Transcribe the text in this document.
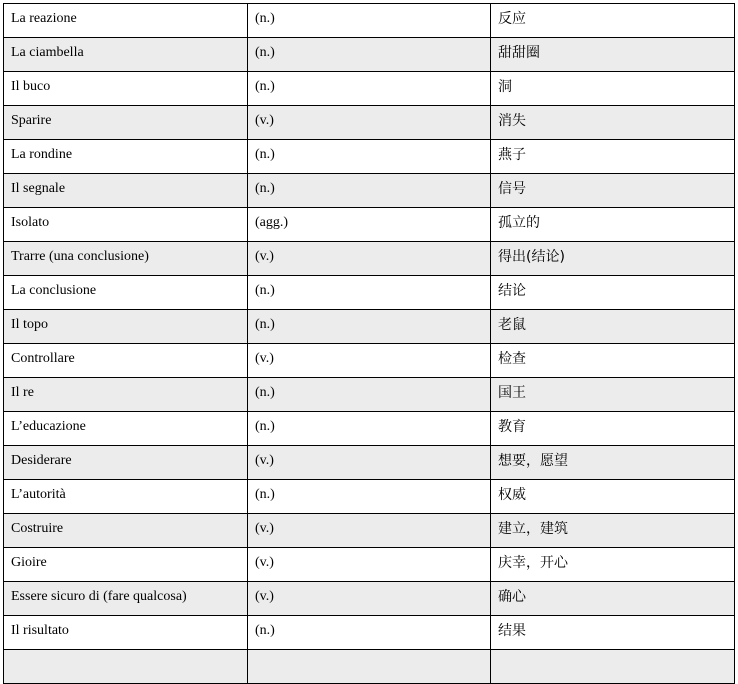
La reazione	(n.)	反应

La ciambella	(n.)	甜甜圈

Il buco	(n.)	洞

Sparire	(v.)	消失

La rondine	(n.)	燕子

Il segnale	(n.)	信号

Isolato	(agg.)	孤立的

Trarre (una conclusione)	(v.)	得出(结论)

La conclusione	(n.)	结论

Il topo	(n.)	老鼠

Controllare	(v.)	检查

Il re	(n.)	国王

L’educazione	(n.)	教育

Desiderare	(v.)	想要，愿望

L’autorità	(n.)	权威

Costruire	(v.)	建立，建筑

Gioire	(v.)	庆幸，开心

Essere sicuro di (fare qualcosa)	(v.)	确心

Il risultato	(n.)	结果
